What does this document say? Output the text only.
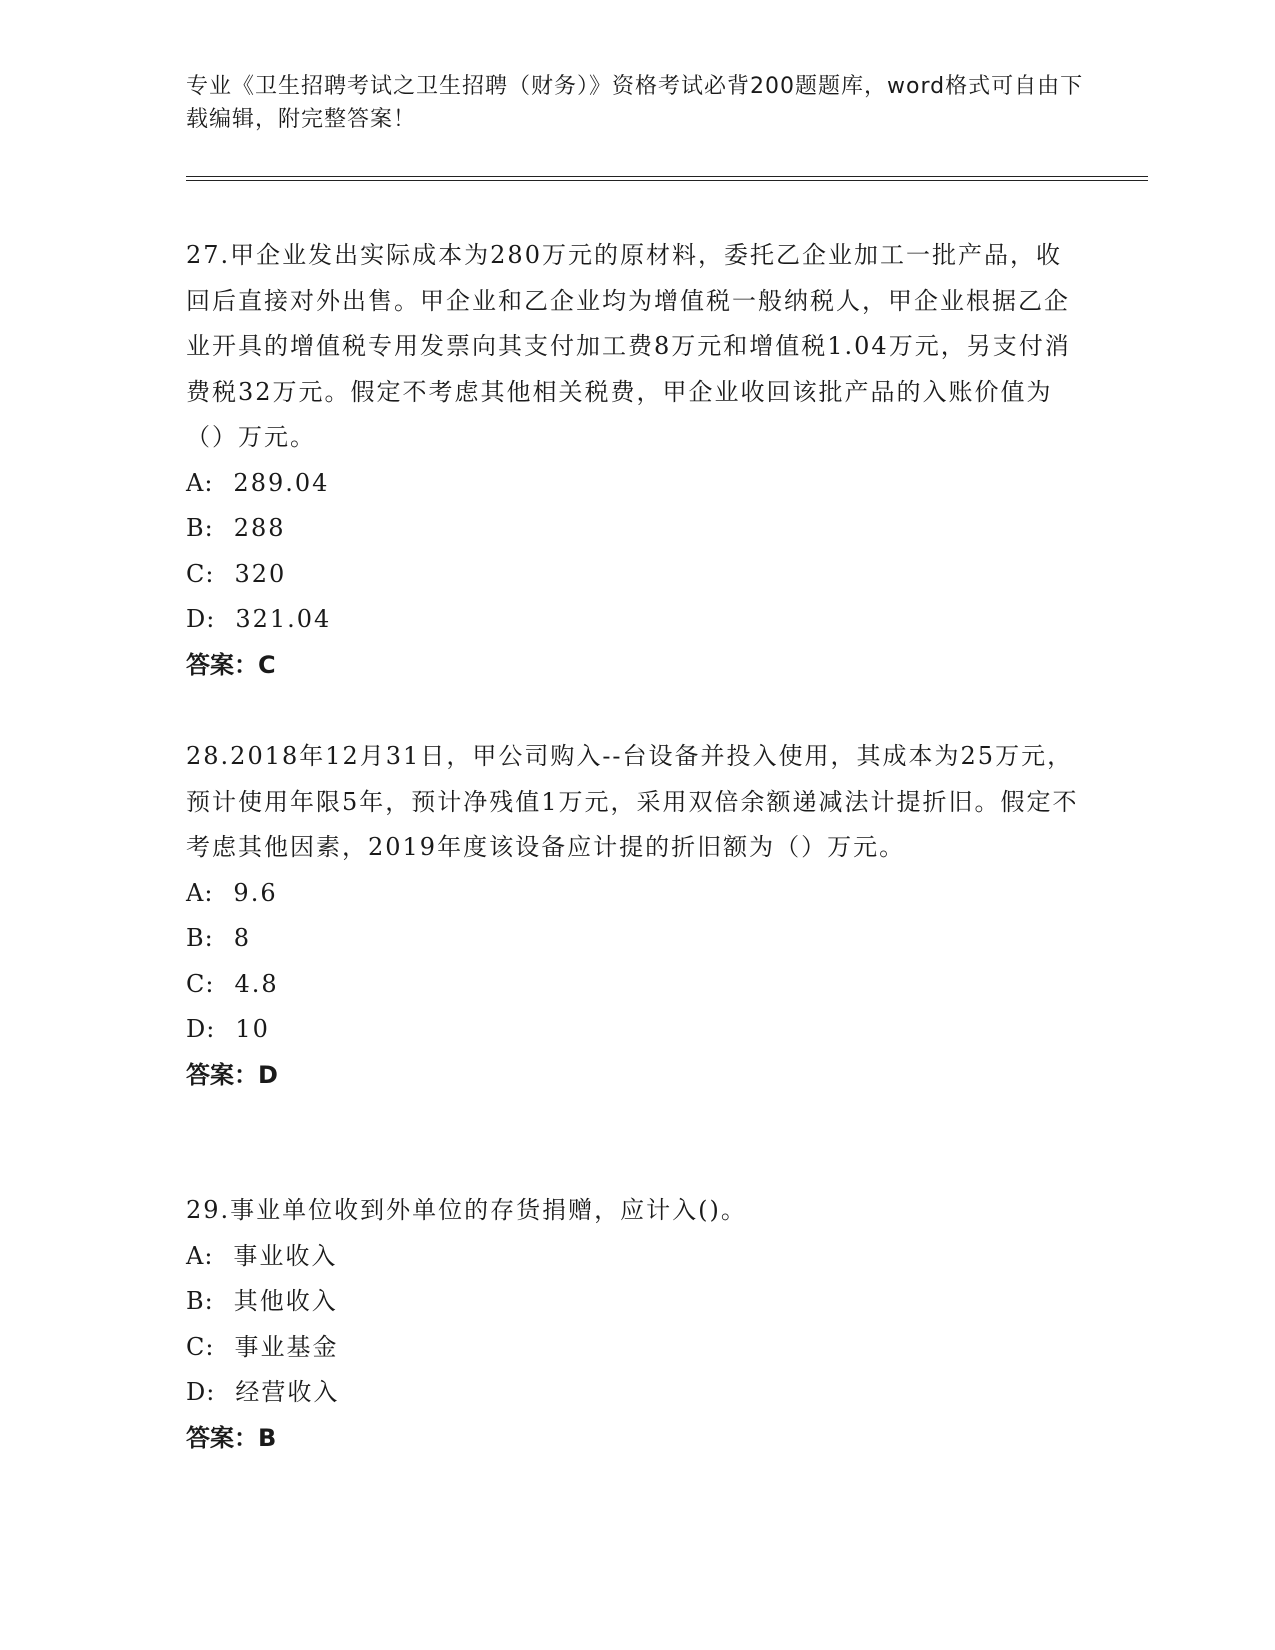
专业《卫生招聘考试之卫生招聘（财务）》资格考试必背200题题库，word格式可自由下载编辑，附完整答案！

27.甲企业发出实际成本为280万元的原材料，委托乙企业加工一批产品，收回后直接对外出售。甲企业和乙企业均为增值税一般纳税人，甲企业根据乙企业开具的增值税专用发票向其支付加工费8万元和增值税1.04万元，另支付消费税32万元。假定不考虑其他相关税费，甲企业收回该批产品的入账价值为（）万元。

A: 289.04

B: 288

C: 320

D: 321.04

答案：C

28.2018年12月31日，甲公司购入--台设备并投入使用，其成本为25万元，预计使用年限5年，预计净残值1万元，采用双倍余额递减法计提折旧。假定不考虑其他因素，2019年度该设备应计提的折旧额为（）万元。

A: 9.6

B: 8

C: 4.8

D: 10

答案：D

29.事业单位收到外单位的存货捐赠，应计入()。

A: 事业收入

B: 其他收入

C: 事业基金

D: 经营收入

答案：B
